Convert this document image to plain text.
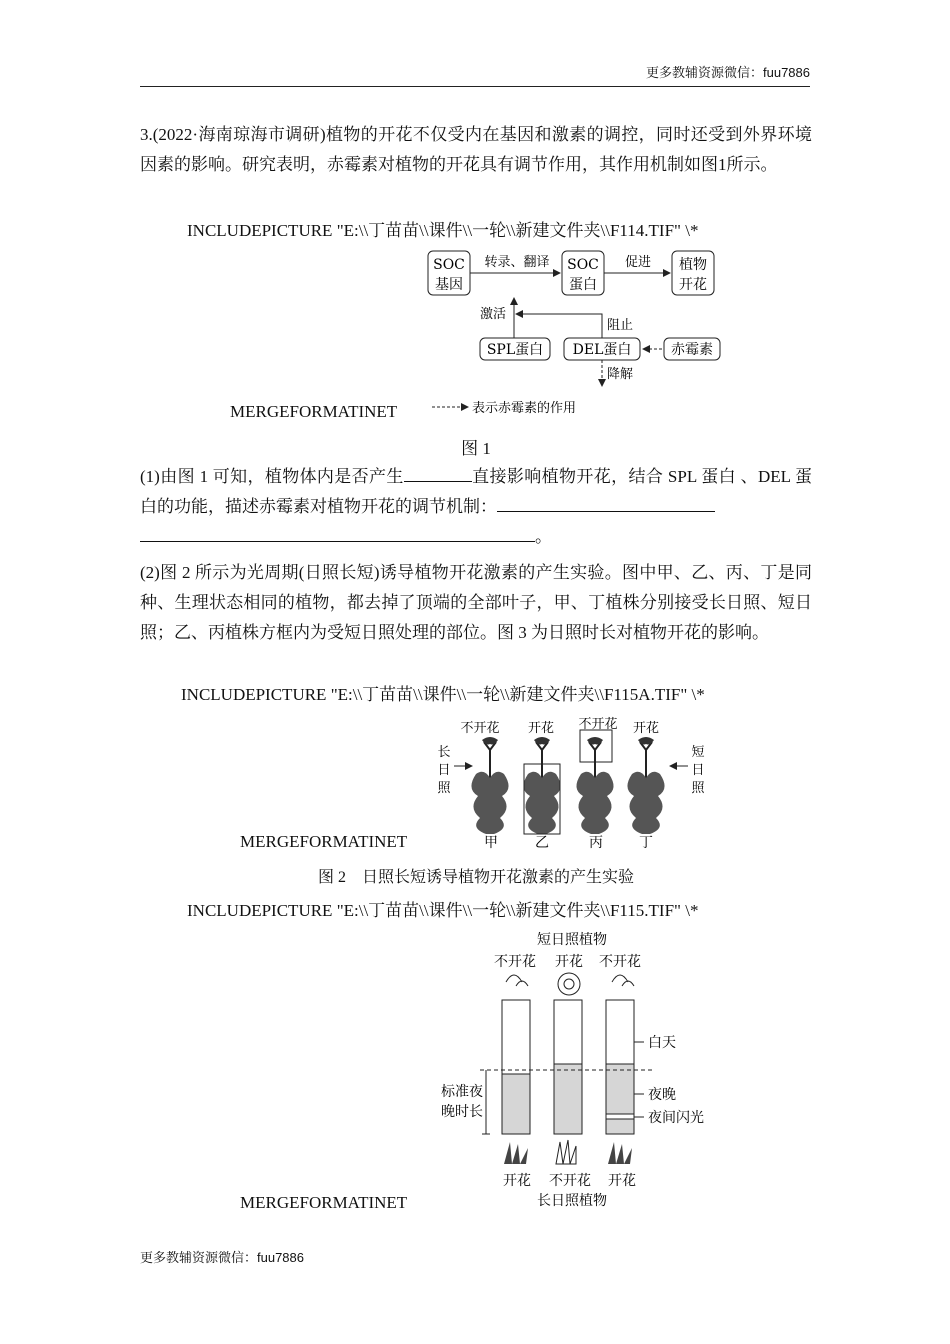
更多教辅资源微信：fuu7886
3.(2022·海南琼海市调研)植物的开花不仅受内在基因和激素的调控，同时还受到外界环境因素的影响。研究表明，赤霉素对植物的开花具有调节作用，其作用机制如图1所示。
INCLUDEPICTURE "E:\\丁苗苗\\课件\\一轮\\新建文件夹\\F114.TIF" \*
SOC
基因
转录、翻译 SOC
蛋白
促进 植物
开花
激活
阻止
SPL蛋白 DEL蛋白	赤霉素
降解
表示赤霉素的作用
MERGEFORMATINET
图 1
(1)由图 1 可知，植物体内是否产生	直接影响植物开花，结合 SPL 蛋白 、DEL 蛋白的功能，描述赤霉素对植物开花的调节机制：
。
(2)图 2 所示为光周期(日照长短)诱导植物开花激素的产生实验。图中甲、乙、丙、丁是同种、生理状态相同的植物，都去掉了顶端的全部叶子，甲、丁植株分别接受长日照、短日照；乙、丙植株方框内为受短日照处理的部位。图 3 为日照时长对植物开花的影响。
INCLUDEPICTURE "E:\\丁苗苗\\课件\\一轮\\新建文件夹\\F115A.TIF" \*
不开花 开花 不开花 开花
长
日
照
短
日
照
甲	乙	丙	丁
MERGEFORMATINET
图 2　日照长短诱导植物开花激素的产生实验
INCLUDEPICTURE "E:\\丁苗苗\\课件\\一轮\\新建文件夹\\F115.TIF" \*
短日照植物
不开花 开花 不开花
标准夜
晚时长
白天
夜晚
夜间闪光
开花 不开花 开花
长日照植物
MERGEFORMATINET
更多教辅资源微信：fuu7886
